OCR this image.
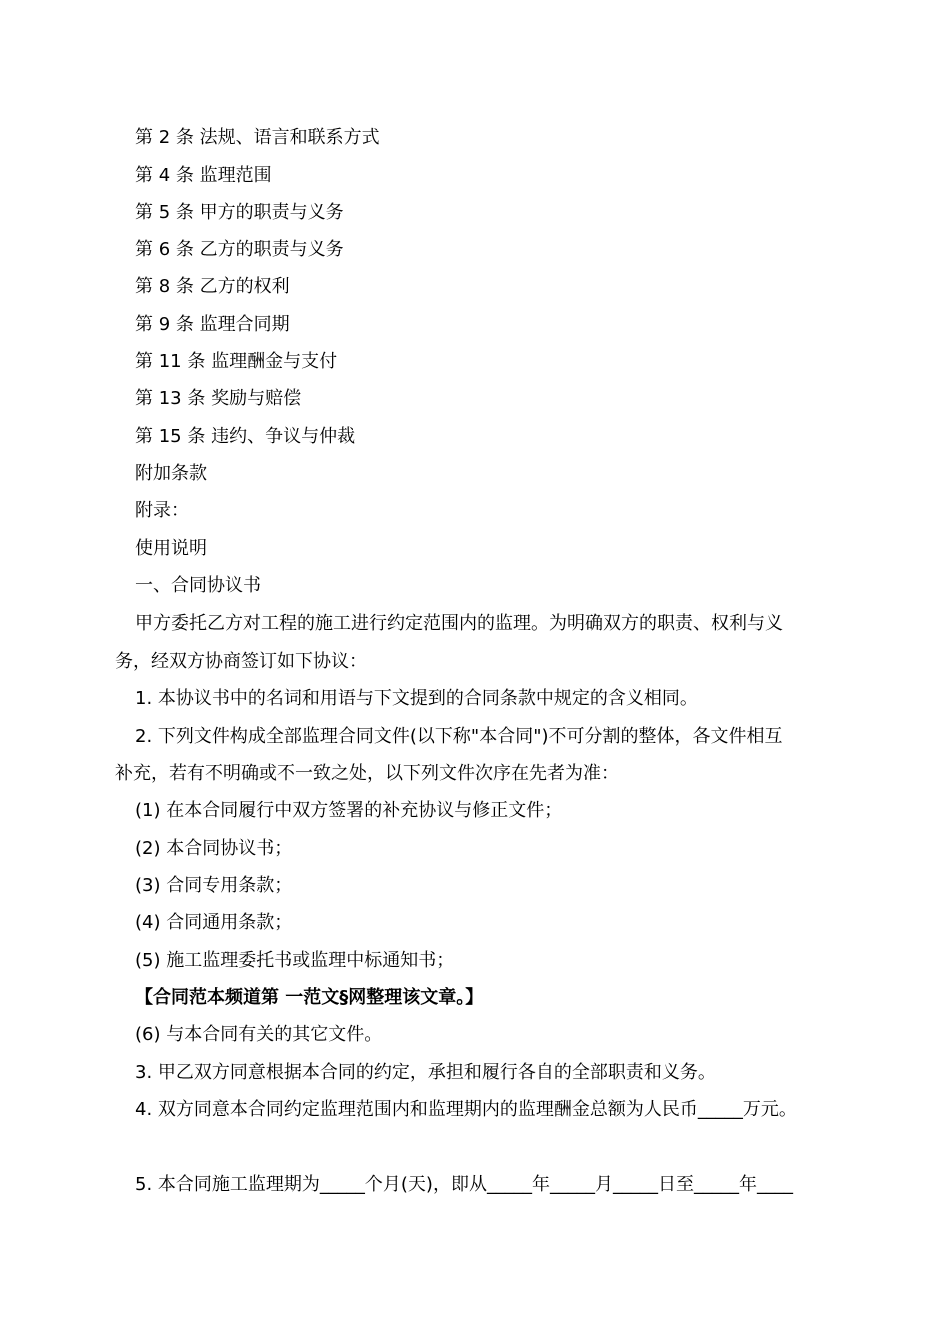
第 2 条 法规、语言和联系方式
第 4 条 监理范围
第 5 条 甲方的职责与义务
第 6 条 乙方的职责与义务
第 8 条 乙方的权利
第 9 条 监理合同期
第 11 条 监理酬金与支付
第 13 条 奖励与赔偿
第 15 条 违约、争议与仲裁
附加条款
附录：
使用说明
一、合同协议书
甲方委托乙方对工程的施工进行约定范围内的监理。为明确双方的职责、权利与义
务，经双方协商签订如下协议：
1. 本协议书中的名词和用语与下文提到的合同条款中规定的含义相同。
2. 下列文件构成全部监理合同文件(以下称"本合同")不可分割的整体，各文件相互
补充，若有不明确或不一致之处，以下列文件次序在先者为准：
(1) 在本合同履行中双方签署的补充协议与修正文件；
(2) 本合同协议书；
(3) 合同专用条款；
(4) 合同通用条款；
(5) 施工监理委托书或监理中标通知书；
【合同范本频道第 一范文§网整理该文章。】
(6) 与本合同有关的其它文件。
3. 甲乙双方同意根据本合同的约定，承担和履行各自的全部职责和义务。
4. 双方同意本合同约定监理范围内和监理期内的监理酬金总额为人民币_____万元。
5. 本合同施工监理期为_____个月(天)，即从_____年_____月_____日至_____年____
